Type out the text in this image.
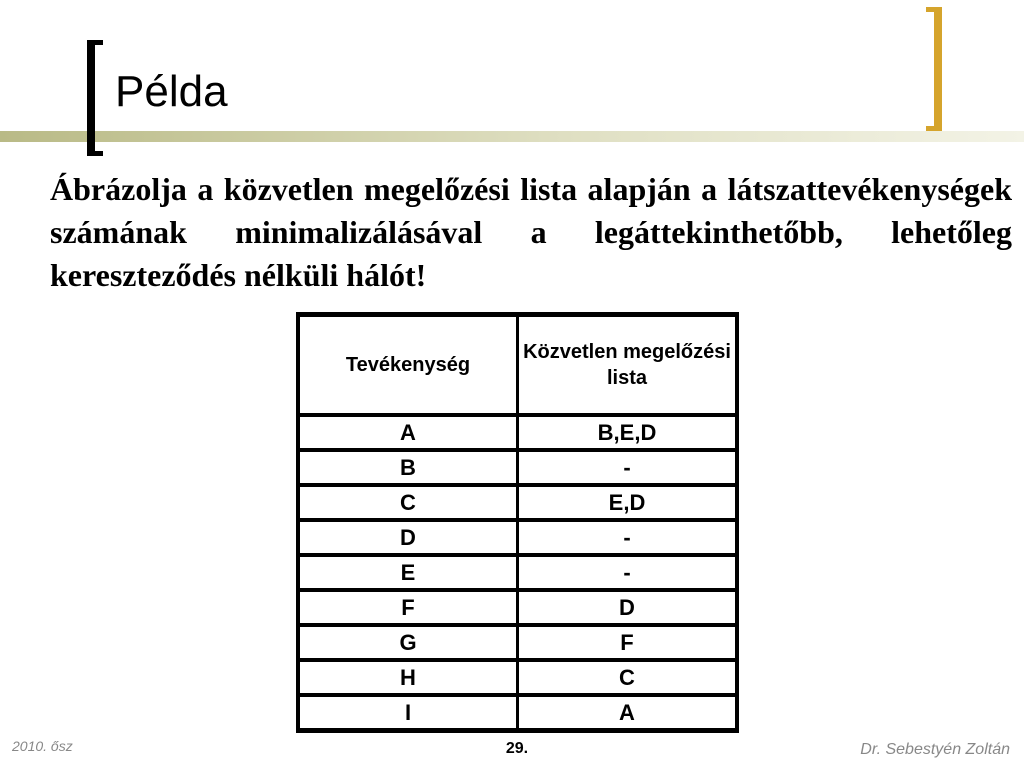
Példa

Ábrázolja a közvetlen megelőzési lista alapján a látszattevékenységek számának minimalizálásával a legáttekinthetőbb, lehetőleg kereszteződés nélküli hálót!

Tevékenység	Közvetlen megelőzési lista
A	B,E,D
B	-
C	E,D
D	-
E	-
F	D
G	F
H	C
I	A
2010. ősz	29.	Dr. Sebestyén Zoltán
